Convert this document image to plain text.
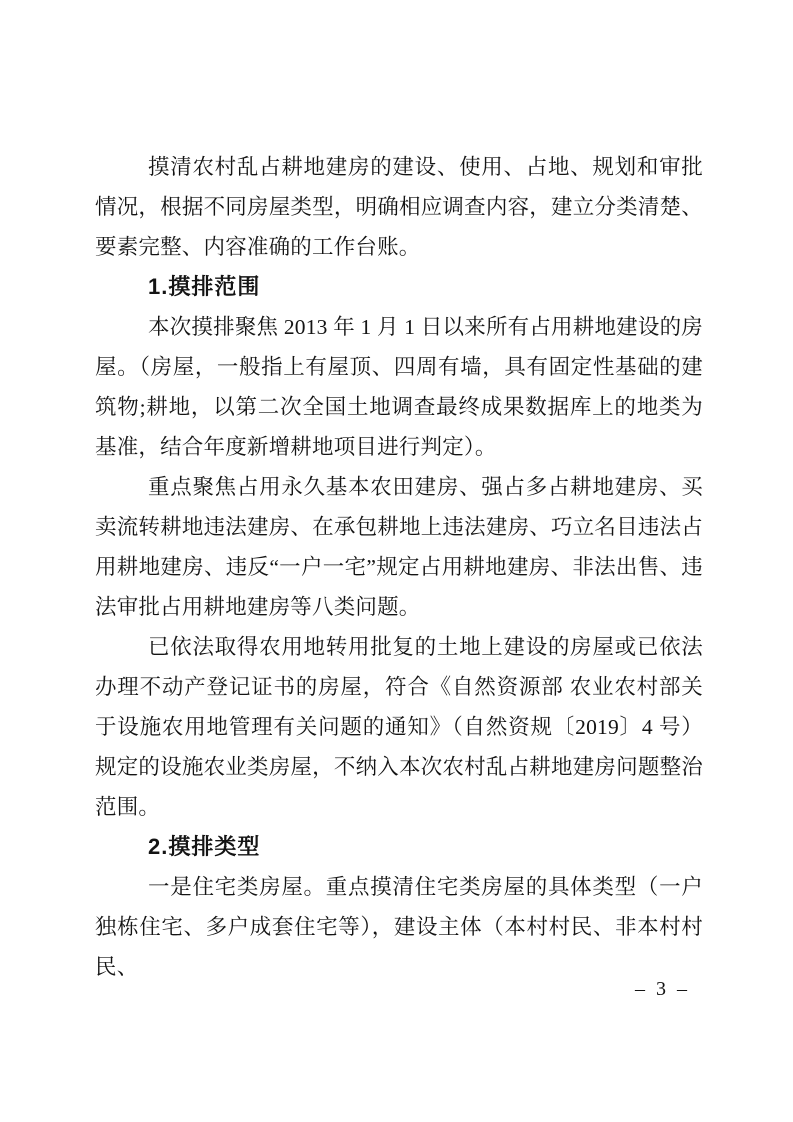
摸清农村乱占耕地建房的建设、使用、占地、规划和审批情况，根据不同房屋类型，明确相应调查内容，建立分类清楚、要素完整、内容准确的工作台账。

1.摸排范围

本次摸排聚焦 2013 年 1 月 1 日以来所有占用耕地建设的房屋。（房屋，一般指上有屋顶、四周有墙，具有固定性基础的建筑物;耕地，以第二次全国土地调查最终成果数据库上的地类为基准，结合年度新增耕地项目进行判定）。

重点聚焦占用永久基本农田建房、强占多占耕地建房、买卖流转耕地违法建房、在承包耕地上违法建房、巧立名目违法占用耕地建房、违反“一户一宅”规定占用耕地建房、非法出售、违法审批占用耕地建房等八类问题。

已依法取得农用地转用批复的土地上建设的房屋或已依法办理不动产登记证书的房屋，符合《自然资源部 农业农村部关于设施农用地管理有关问题的通知》（自然资规〔2019〕4 号）规定的设施农业类房屋，不纳入本次农村乱占耕地建房问题整治范围。

2.摸排类型

一是住宅类房屋。重点摸清住宅类房屋的具体类型（一户独栋住宅、多户成套住宅等），建设主体（本村村民、非本村村民、

– 3 –
